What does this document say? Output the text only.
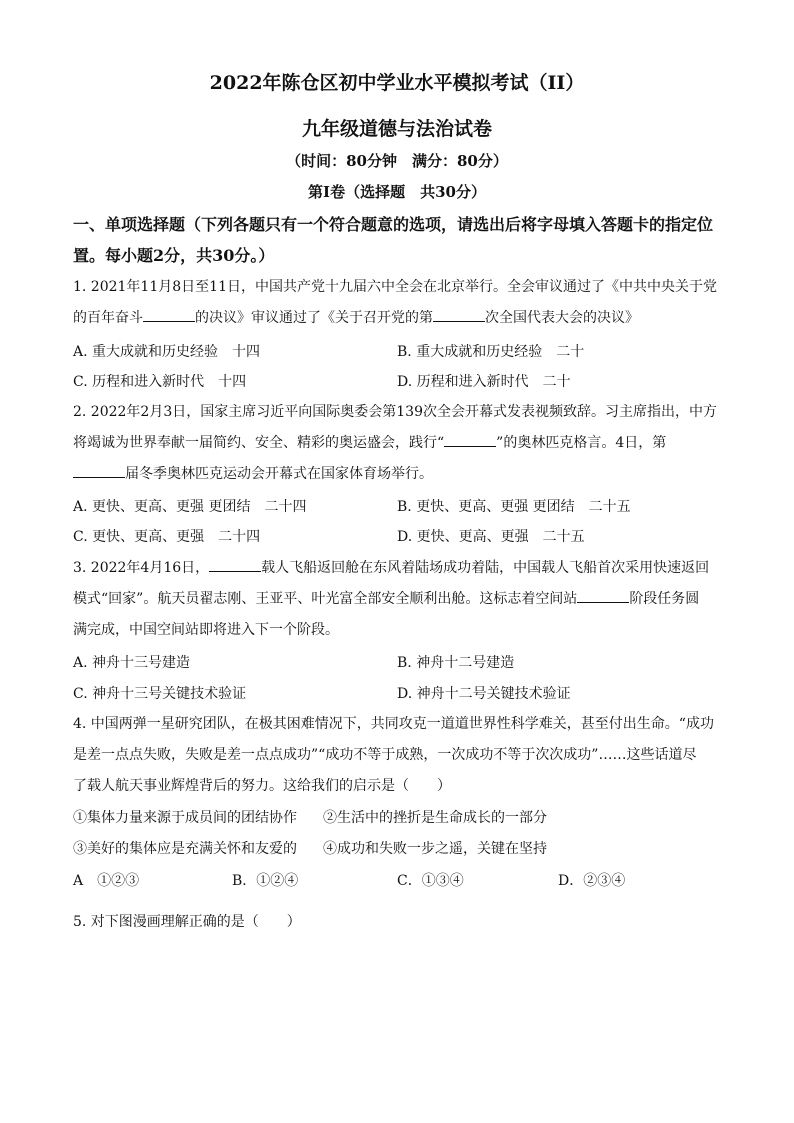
2022年陈仓区初中学业水平模拟考试（II）
九年级道德与法治试卷
（时间：80分钟　满分：80分）
第Ⅰ卷（选择题　共30分）
一、单项选择题（下列各题只有一个符合题意的选项，请选出后将字母填入答题卡的指定位
置。每小题2分，共30分。）
1. 2021年11月8日至11日，中国共产党十九届六中全会在北京举行。全会审议通过了《中共中央关于党
的百年奋斗	的决议》审议通过了《关于召开党的第	次全国代表大会的决议》
A. 重大成就和历史经验　十四	B. 重大成就和历史经验　二十
C. 历程和进入新时代　十四	D. 历程和进入新时代　二十
2. 2022年2月3日，国家主席习近平向国际奥委会第139次全会开幕式发表视频致辞。习主席指出，中方
将竭诚为世界奉献一届简约、安全、精彩的奥运盛会，践行“	”的奥林匹克格言。4日，第
届冬季奥林匹克运动会开幕式在国家体育场举行。
A. 更快、更高、更强 更团结　二十四	B. 更快、更高、更强 更团结　二十五
C. 更快、更高、更强　二十四	D. 更快、更高、更强　二十五
3. 2022年4月16日，	载人飞船返回舱在东风着陆场成功着陆，中国载人飞船首次采用快速返回
模式“回家”。航天员翟志刚、王亚平、叶光富全部安全顺利出舱。这标志着空间站	阶段任务圆
满完成，中国空间站即将进入下一个阶段。
A. 神舟十三号建造	B. 神舟十二号建造
C. 神舟十三号关键技术验证	D. 神舟十二号关键技术验证
4. 中国两弹一星研究团队，在极其困难情况下，共同攻克一道道世界性科学难关，甚至付出生命。“成功
是差一点点失败，失败是差一点点成功”“成功不等于成熟，一次成功不等于次次成功”……这些话道尽
了载人航天事业辉煌背后的努力。这给我们的启示是（　　）
①集体力量来源于成员间的团结协作 ②生活中的挫折是生命成长的一部分
③美好的集体应是充满关怀和友爱的 ④成功和失败一步之遥，关键在坚持
A　①②③	B．①②④	C．①③④	D．②③④
5. 对下图漫画理解正确的是（　　）
